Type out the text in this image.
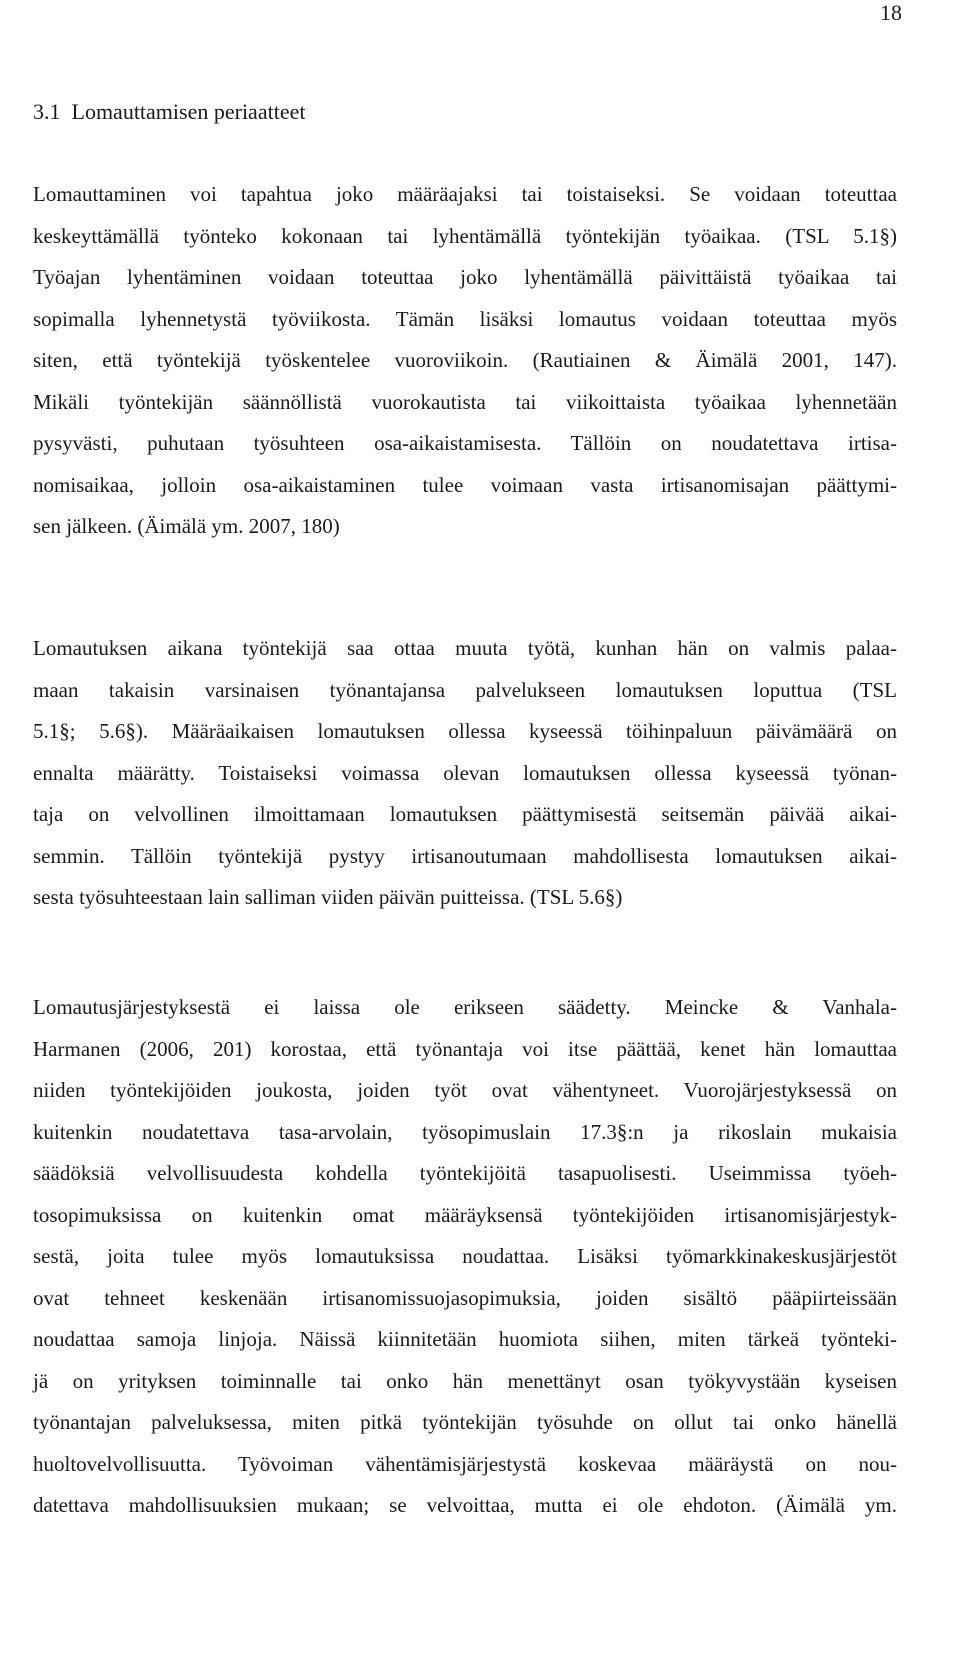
18
3.1  Lomauttamisen periaatteet
Lomauttaminen voi tapahtua joko määräajaksi tai toistaiseksi. Se voidaan toteuttaa
keskeyttämällä työnteko kokonaan tai lyhentämällä työntekijän työaikaa. (TSL 5.1§)
Työajan lyhentäminen voidaan toteuttaa joko lyhentämällä päivittäistä työaikaa tai
sopimalla lyhennetystä työviikosta. Tämän lisäksi lomautus voidaan toteuttaa myös
siten, että työntekijä työskentelee vuoroviikoin. (Rautiainen & Äimälä 2001, 147).
Mikäli työntekijän säännöllistä vuorokautista tai viikoittaista työaikaa lyhennetään
pysyvästi, puhutaan työsuhteen osa-aikaistamisesta. Tällöin on noudatettava irtisa-
nomisaikaa, jolloin osa-aikaistaminen tulee voimaan vasta irtisanomisajan päättymi-
sen jälkeen. (Äimälä ym. 2007, 180)
Lomautuksen aikana työntekijä saa ottaa muuta työtä, kunhan hän on valmis palaa-
maan takaisin varsinaisen työnantajansa palvelukseen lomautuksen loputtua (TSL
5.1§; 5.6§). Määräaikaisen lomautuksen ollessa kyseessä töihinpaluun päivämäärä on
ennalta määrätty. Toistaiseksi voimassa olevan lomautuksen ollessa kyseessä työnan-
taja on velvollinen ilmoittamaan lomautuksen päättymisestä seitsemän päivää aikai-
semmin. Tällöin työntekijä pystyy irtisanoutumaan mahdollisesta lomautuksen aikai-
sesta työsuhteestaan lain salliman viiden päivän puitteissa. (TSL 5.6§)
Lomautusjärjestyksestä ei laissa ole erikseen säädetty. Meincke & Vanhala-
Harmanen (2006, 201) korostaa, että työnantaja voi itse päättää, kenet hän lomauttaa
niiden työntekijöiden joukosta, joiden työt ovat vähentyneet. Vuorojärjestyksessä on
kuitenkin noudatettava tasa-arvolain, työsopimuslain 17.3§:n ja rikoslain mukaisia
säädöksiä velvollisuudesta kohdella työntekijöitä tasapuolisesti. Useimmissa työeh-
tosopimuksissa on kuitenkin omat määräyksensä työntekijöiden irtisanomisjärjestyk-
sestä, joita tulee myös lomautuksissa noudattaa. Lisäksi työmarkkinakeskusjärjestöt
ovat tehneet keskenään irtisanomissuojasopimuksia, joiden sisältö pääpiirteissään
noudattaa samoja linjoja. Näissä kiinnitetään huomiota siihen, miten tärkeä työnteki-
jä on yrityksen toiminnalle tai onko hän menettänyt osan työkyvystään kyseisen
työnantajan palveluksessa, miten pitkä työntekijän työsuhde on ollut tai onko hänellä
huoltovelvollisuutta. Työvoiman vähentämisjärjestystä koskevaa määräystä on nou-
datettava mahdollisuuksien mukaan; se velvoittaa, mutta ei ole ehdoton. (Äimälä ym.
